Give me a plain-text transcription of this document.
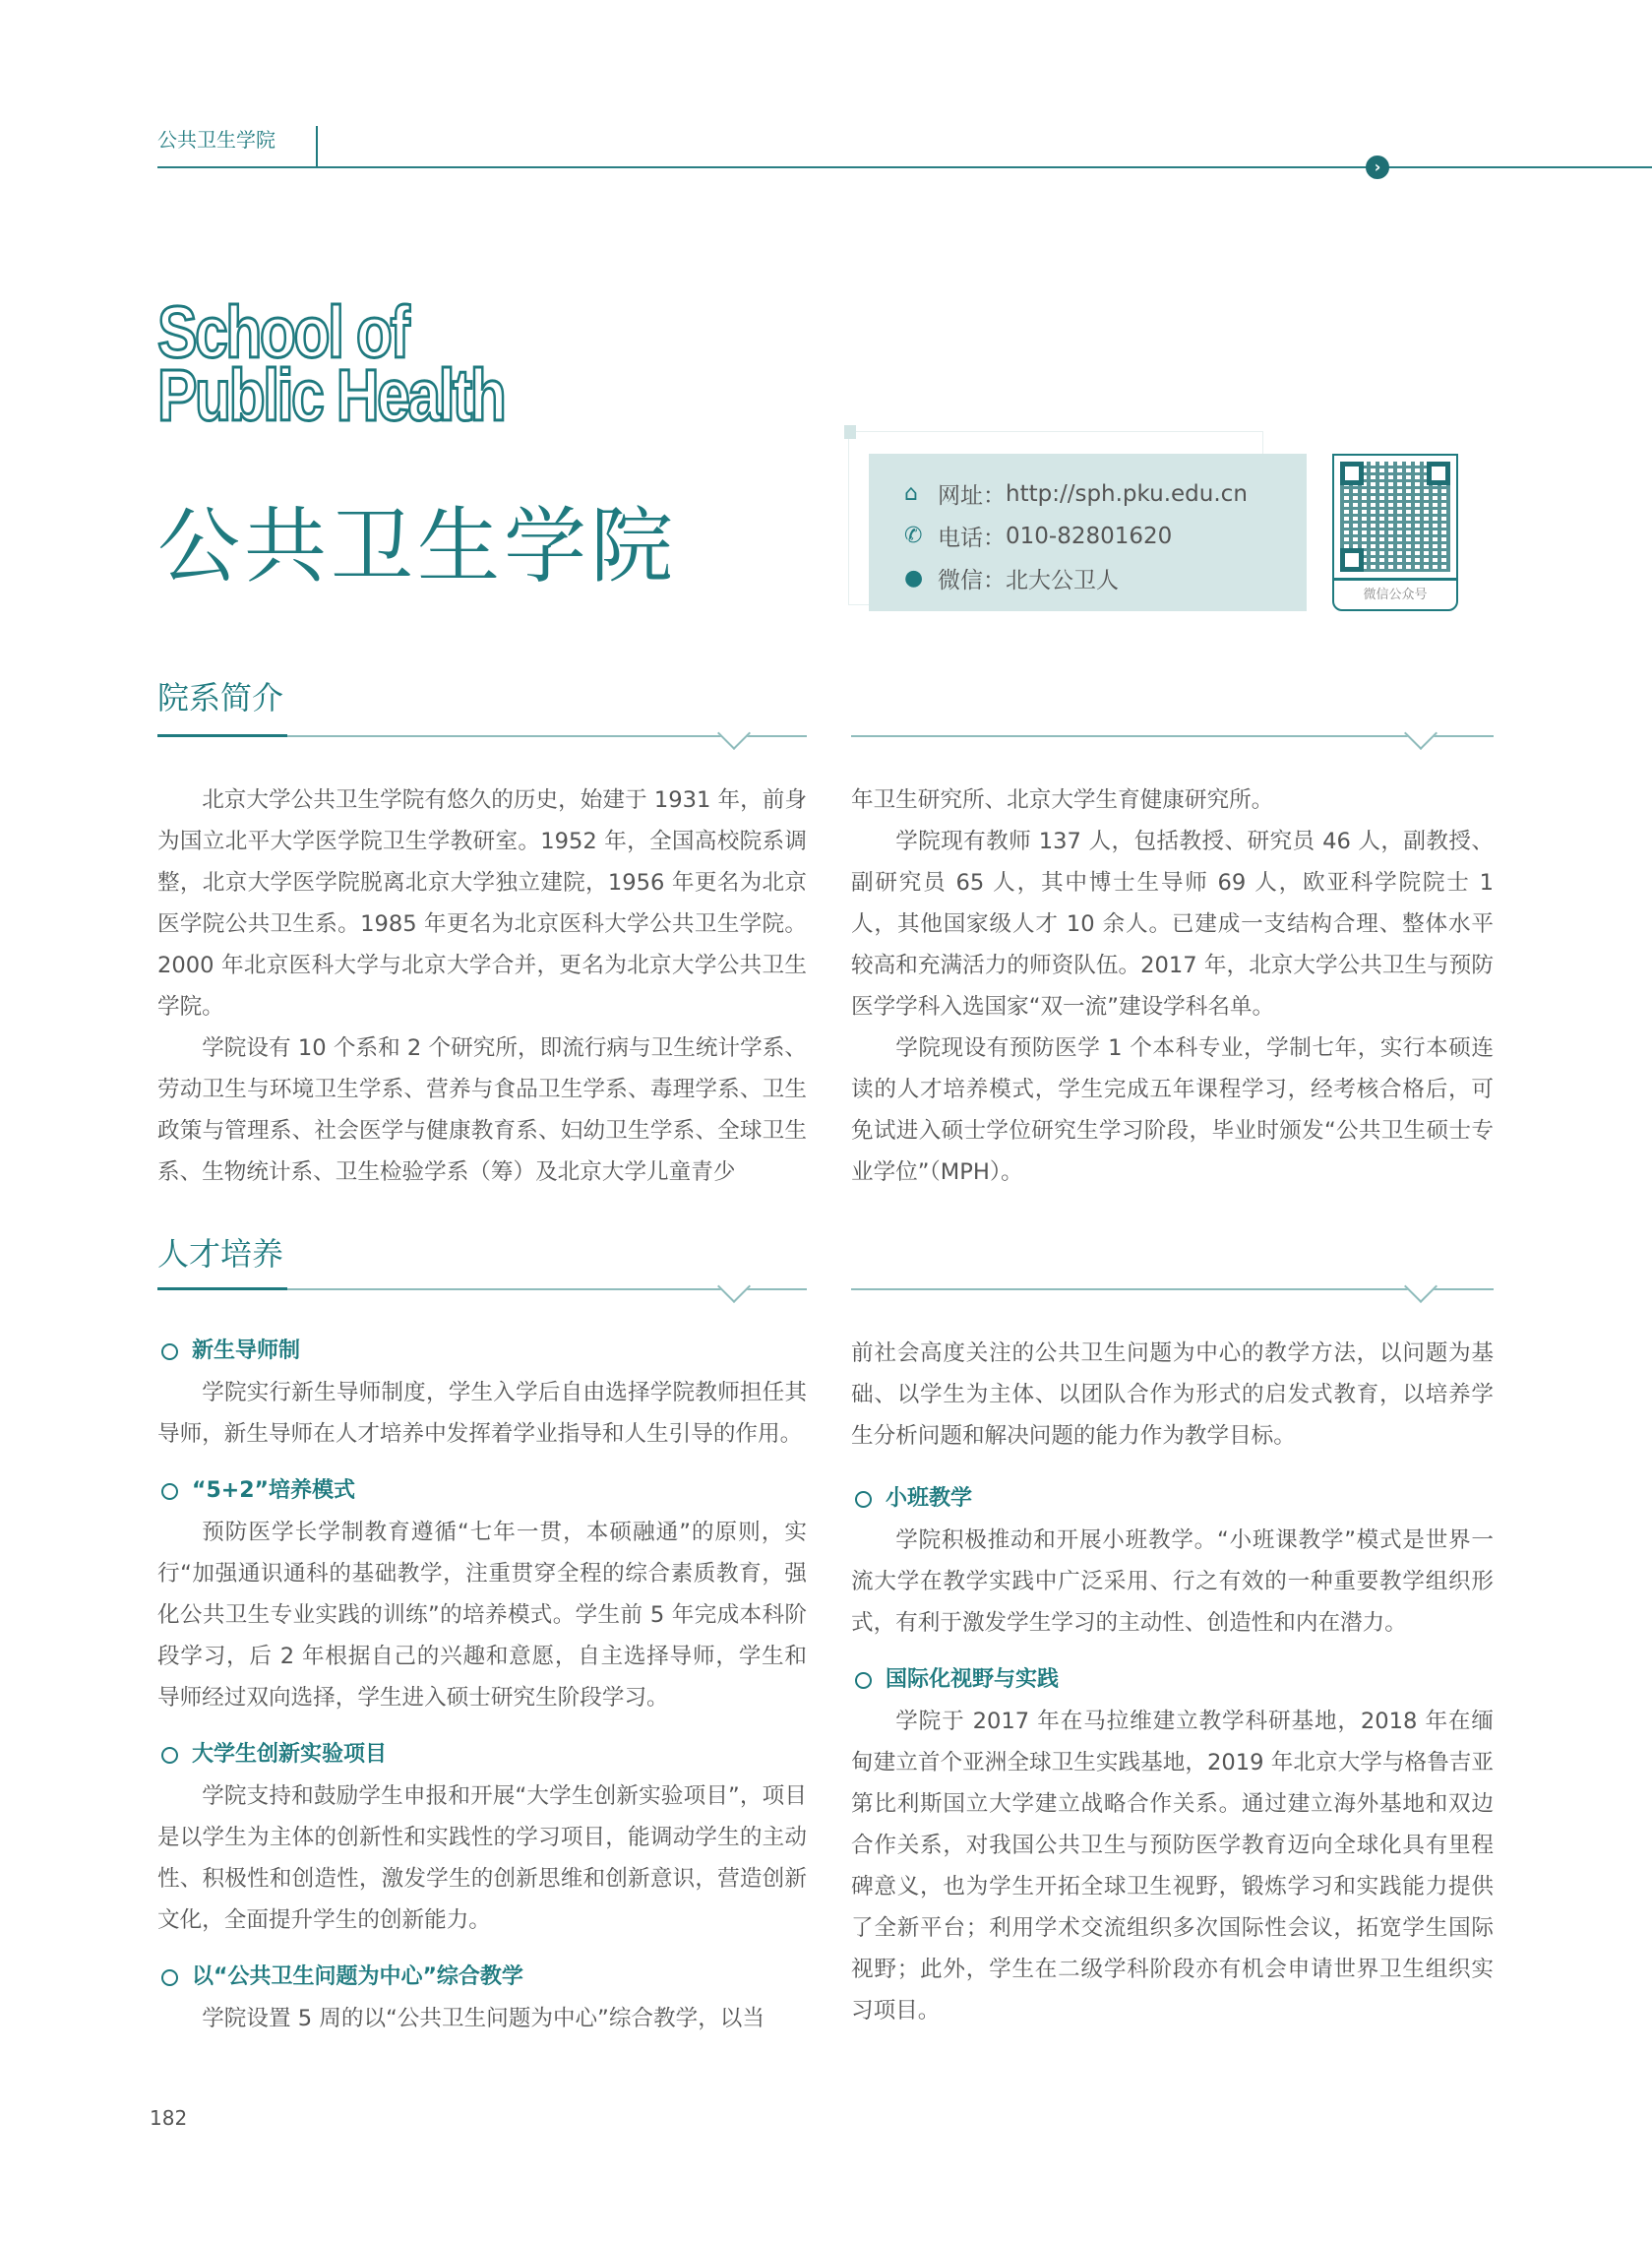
公共卫生学院
›
School of
Public Health
公共卫生学院
⌂ 网址： http://sph.pku.edu.cn
✆ 电话： 010-82801620
● 微信： 北大公卫人
微信公众号
院系简介

北京大学公共卫生学院有悠久的历史，始建于 1931 年，前身为国立北平大学医学院卫生学教研室。1952 年，全国高校院系调整，北京大学医学院脱离北京大学独立建院，1956 年更名为北京医学院公共卫生系。1985 年更名为北京医科大学公共卫生学院。2000 年北京医科大学与北京大学合并，更名为北京大学公共卫生学院。

学院设有 10 个系和 2 个研究所，即流行病与卫生统计学系、劳动卫生与环境卫生学系、营养与食品卫生学系、毒理学系、卫生政策与管理系、社会医学与健康教育系、妇幼卫生学系、全球卫生系、生物统计系、卫生检验学系（筹）及北京大学儿童青少

年卫生研究所、北京大学生育健康研究所。

学院现有教师 137 人，包括教授、研究员 46 人，副教授、副研究员 65 人，其中博士生导师 69 人，欧亚科学院院士 1 人，其他国家级人才 10 余人。已建成一支结构合理、整体水平较高和充满活力的师资队伍。2017 年，北京大学公共卫生与预防医学学科入选国家“双一流”建设学科名单。

学院现设有预防医学 1 个本科专业，学制七年，实行本硕连读的人才培养模式，学生完成五年课程学习，经考核合格后，可免试进入硕士学位研究生学习阶段，毕业时颁发“公共卫生硕士专业学位”（MPH）。

人才培养
新生导师制

学院实行新生导师制度，学生入学后自由选择学院教师担任其导师，新生导师在人才培养中发挥着学业指导和人生引导的作用。

“5+2”培养模式

预防医学长学制教育遵循“七年一贯，本硕融通”的原则，实行“加强通识通科的基础教学，注重贯穿全程的综合素质教育，强化公共卫生专业实践的训练”的培养模式。学生前 5 年完成本科阶段学习，后 2 年根据自己的兴趣和意愿，自主选择导师，学生和导师经过双向选择，学生进入硕士研究生阶段学习。

大学生创新实验项目

学院支持和鼓励学生申报和开展“大学生创新实验项目”，项目是以学生为主体的创新性和实践性的学习项目，能调动学生的主动性、积极性和创造性，激发学生的创新思维和创新意识，营造创新文化，全面提升学生的创新能力。

以“公共卫生问题为中心”综合教学

学院设置 5 周的以“公共卫生问题为中心”综合教学，以当

前社会高度关注的公共卫生问题为中心的教学方法，以问题为基础、以学生为主体、以团队合作为形式的启发式教育，以培养学生分析问题和解决问题的能力作为教学目标。

小班教学

学院积极推动和开展小班教学。“小班课教学”模式是世界一流大学在教学实践中广泛采用、行之有效的一种重要教学组织形式，有利于激发学生学习的主动性、创造性和内在潜力。

国际化视野与实践

学院于 2017 年在马拉维建立教学科研基地，2018 年在缅甸建立首个亚洲全球卫生实践基地，2019 年北京大学与格鲁吉亚第比利斯国立大学建立战略合作关系。通过建立海外基地和双边合作关系，对我国公共卫生与预防医学教育迈向全球化具有里程碑意义，也为学生开拓全球卫生视野，锻炼学习和实践能力提供了全新平台；利用学术交流组织多次国际性会议，拓宽学生国际视野；此外，学生在二级学科阶段亦有机会申请世界卫生组织实习项目。

182
